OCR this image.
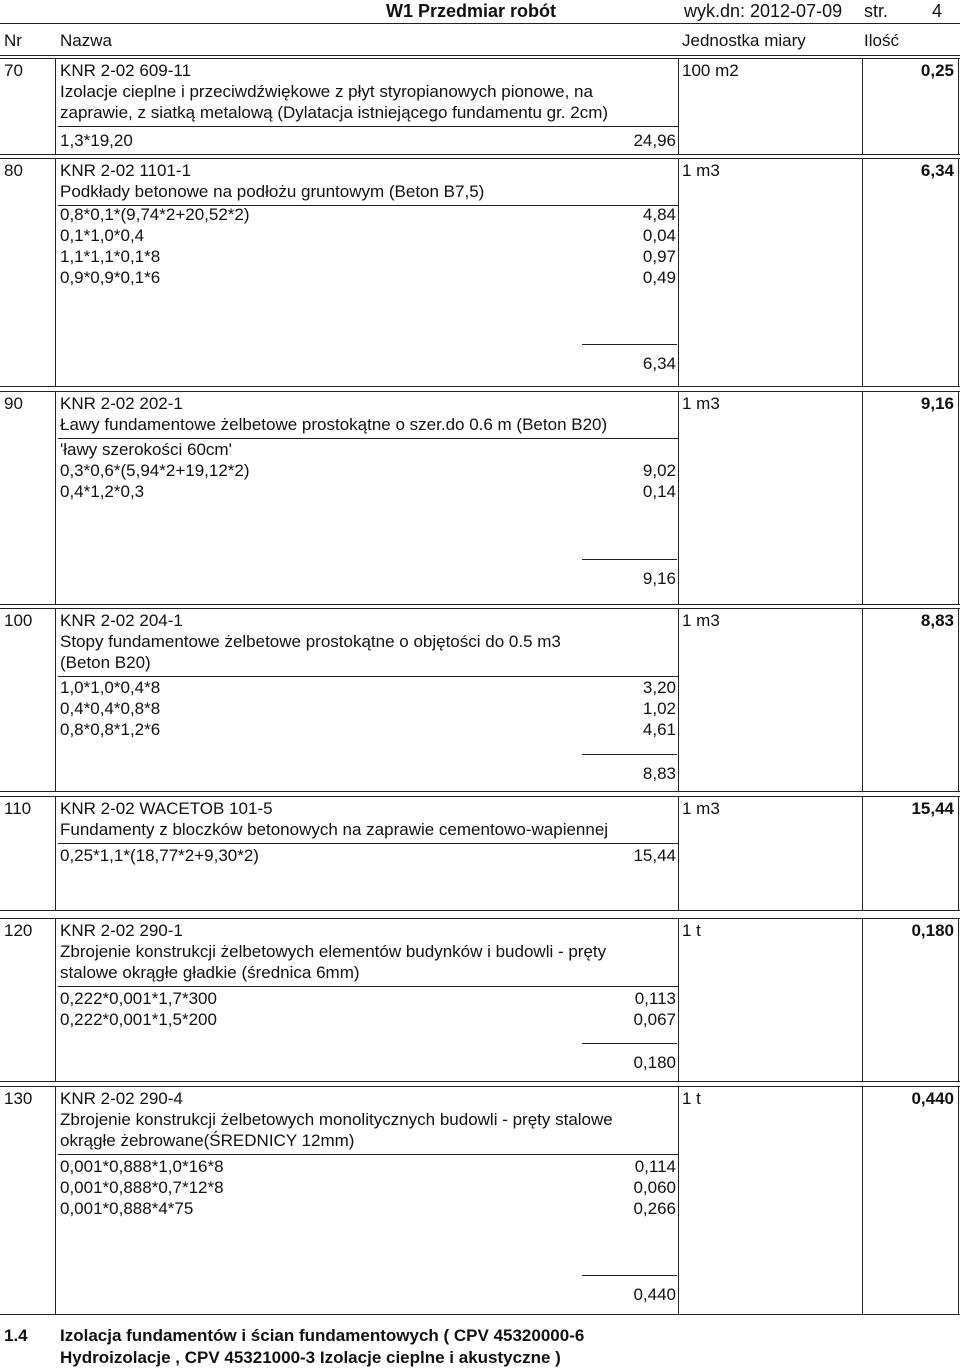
W1 Przedmiar robót	wyk.dn: 2012-07-09 str. 4
Nr Nazwa	Jednostka miary	Ilość
70 KNR 2-02 609-11	100 m2	0,25
Izolacje cieplne i przeciwdźwiękowe z płyt styropianowych pionowe, na
zaprawie, z siatką metalową (Dylatacja istniejącego fundamentu gr. 2cm)
1,3*19,20	24,96
80 KNR 2-02 1101-1	1 m3	6,34
Podkłady betonowe na podłożu gruntowym (Beton B7,5)
0,8*0,1*(9,74*2+20,52*2)	4,84
0,1*1,0*0,4	0,04
1,1*1,1*0,1*8	0,97
0,9*0,9*0,1*6	0,49
6,34
90 KNR 2-02 202-1	1 m3	9,16
Ławy fundamentowe żelbetowe prostokątne o szer.do 0.6 m (Beton B20)
'ławy szerokości 60cm'
0,3*0,6*(5,94*2+19,12*2)	9,02
0,4*1,2*0,3	0,14
9,16
100 KNR 2-02 204-1	1 m3	8,83
Stopy fundamentowe żelbetowe prostokątne o objętości do 0.5 m3
(Beton B20)
1,0*1,0*0,4*8	3,20
0,4*0,4*0,8*8	1,02
0,8*0,8*1,2*6	4,61
8,83
110 KNR 2-02 WACETOB 101-5	1 m3	15,44
Fundamenty z bloczków betonowych na zaprawie cementowo-wapiennej
0,25*1,1*(18,77*2+9,30*2)	15,44
120 KNR 2-02 290-1	1 t	0,180
Zbrojenie konstrukcji żelbetowych elementów budynków i budowli - pręty
stalowe okrągłe gładkie (średnica 6mm)
0,222*0,001*1,7*300	0,113
0,222*0,001*1,5*200	0,067
0,180
130 KNR 2-02 290-4	1 t	0,440
Zbrojenie konstrukcji żelbetowych monolitycznych budowli - pręty stalowe
okrągłe żebrowane(ŚREDNICY 12mm)
0,001*0,888*1,0*16*8	0,114
0,001*0,888*0,7*12*8	0,060
0,001*0,888*4*75	0,266
0,440
1.4 Izolacja fundamentów i ścian fundamentowych ( CPV 45320000-6
Hydroizolacje , CPV 45321000-3 Izolacje cieplne i akustyczne )
